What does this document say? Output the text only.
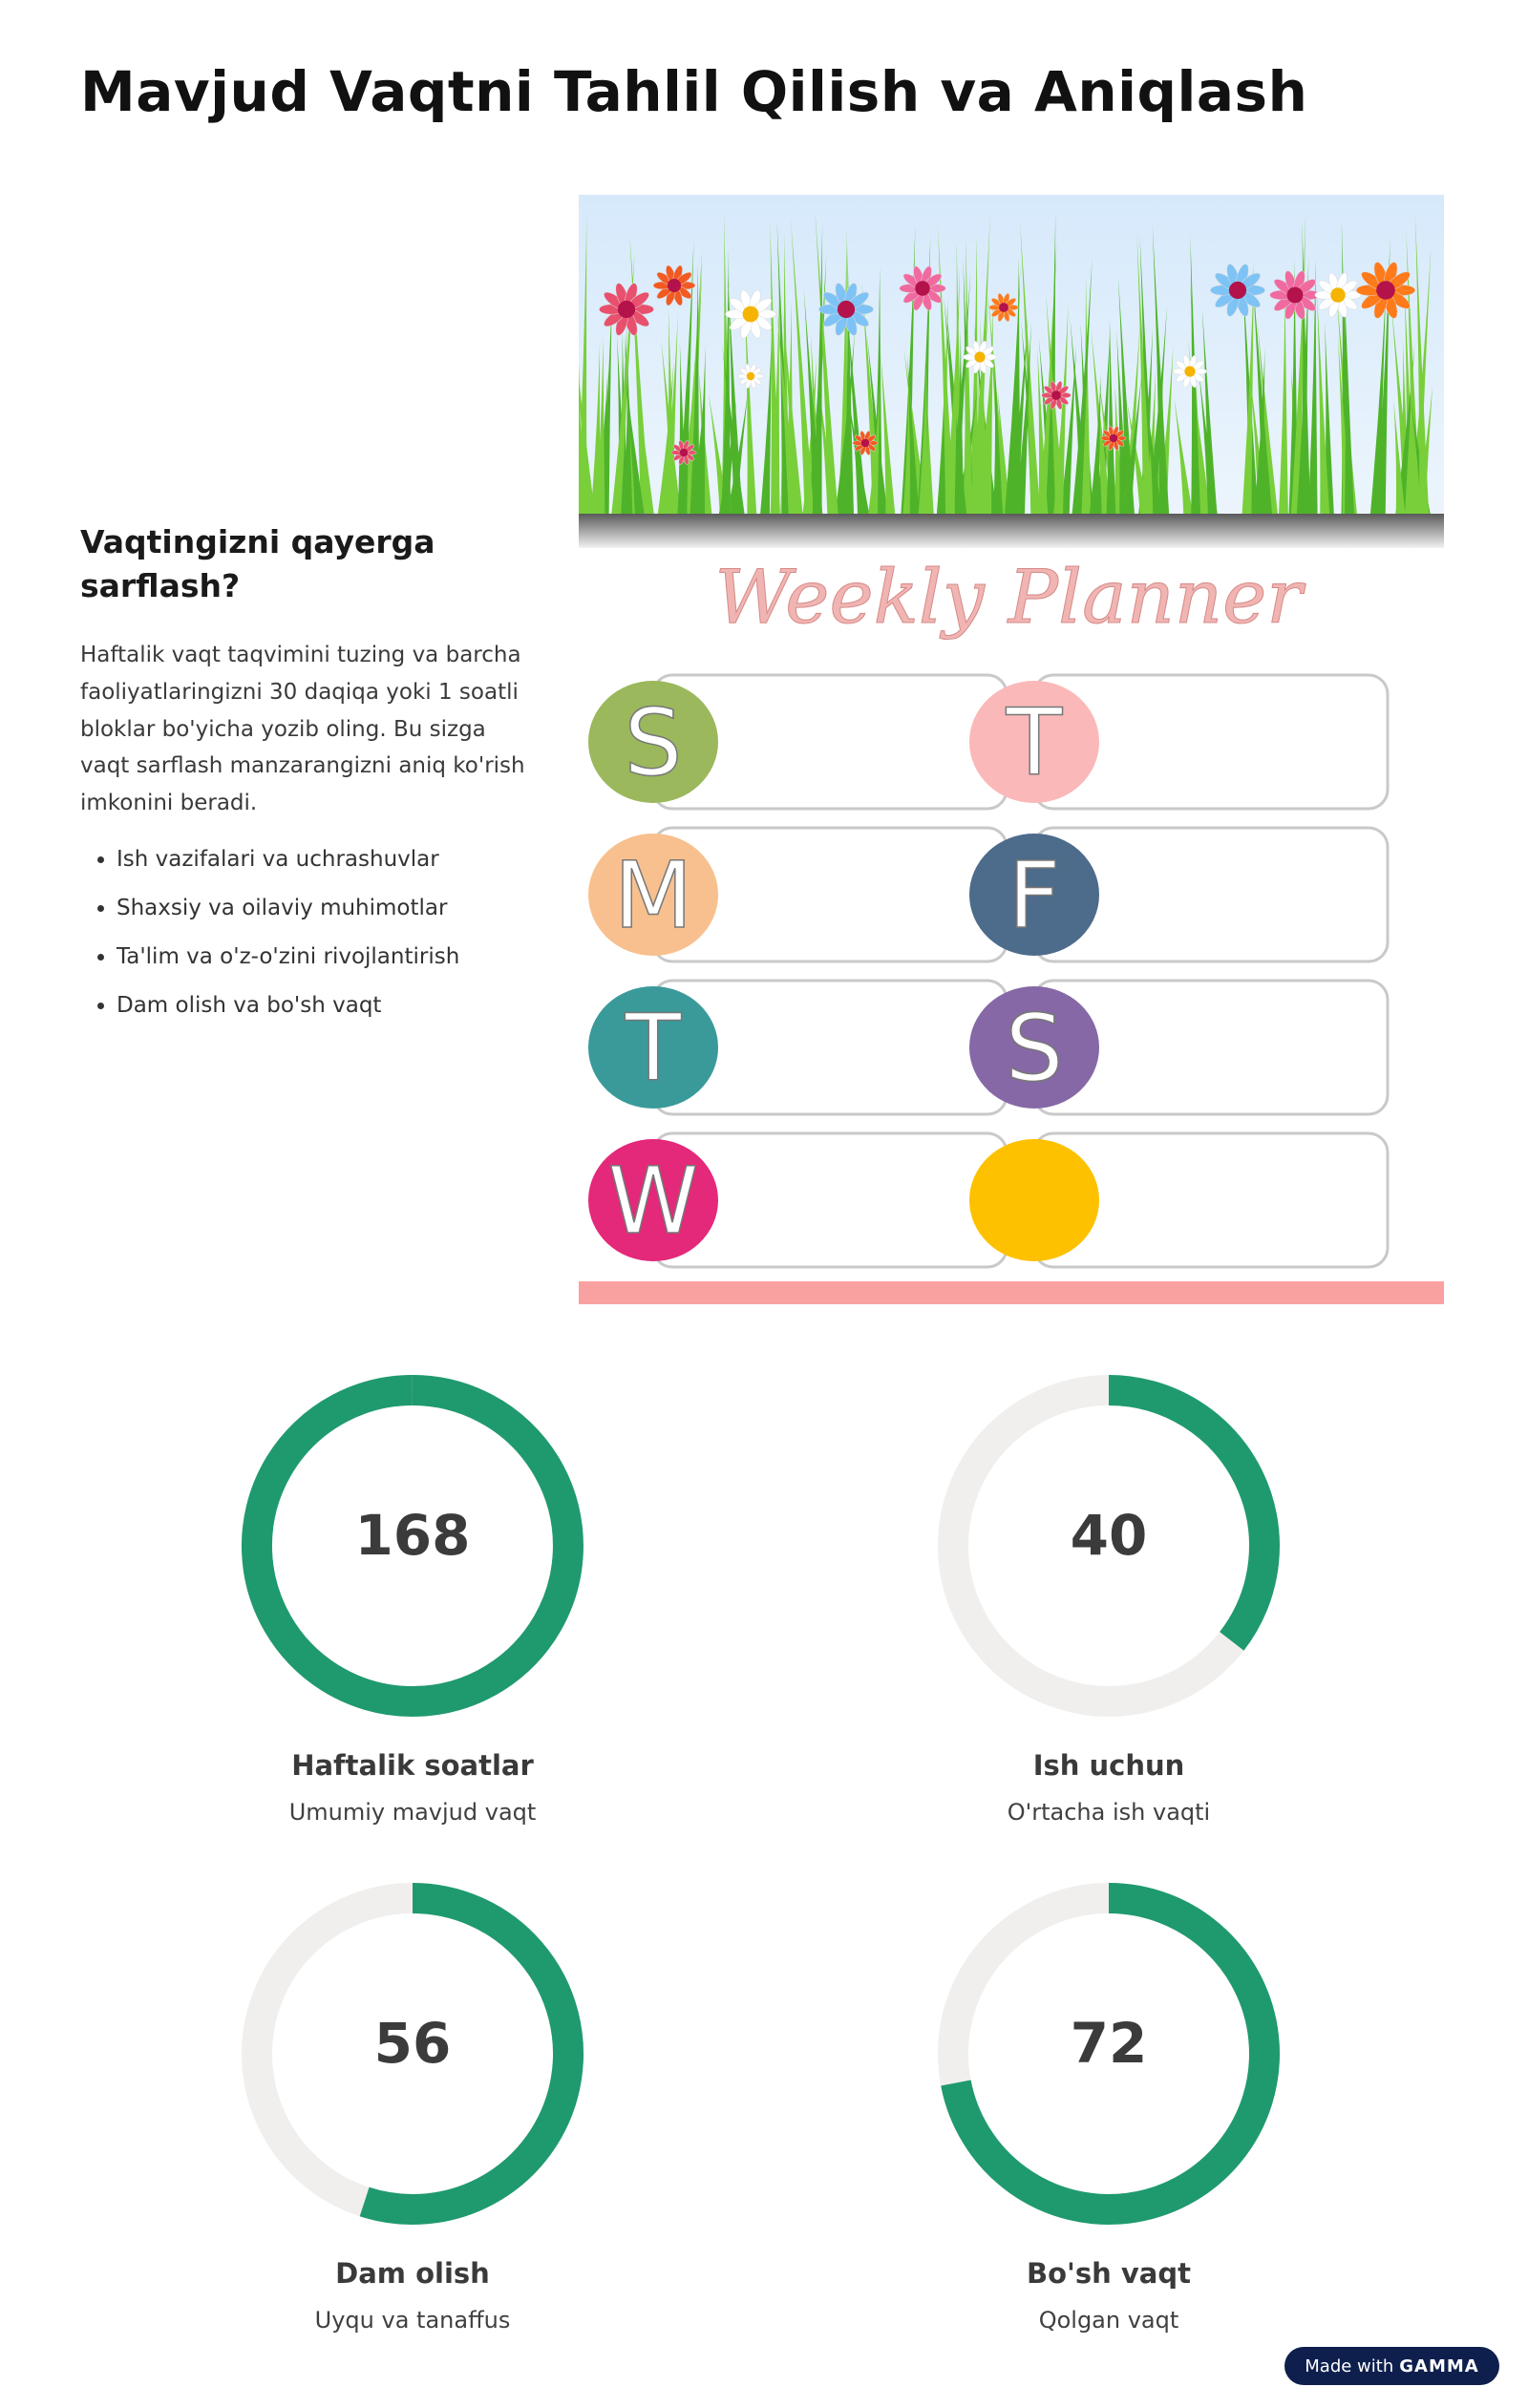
Mavjud Vaqtni Tahlil Qilish va Aniqlash
Vaqtingizni qayerga sarflash?

Haftalik vaqt taqvimini tuzing va barcha faoliyatlaringizni 30 daqiqa yoki 1 soatli bloklar bo'yicha yozib oling. Bu sizga vaqt sarflash manzarangizni aniq ko'rish imkonini beradi.

• Ish vazifalari va uchrashuvlar
• Shaxsiy va oilaviy muhimotlar
• Ta'lim va o'z-o'zini rivojlantirish
• Dam olish va bo'sh vaqt
Weekly Planner
S
M
T
W
T
F
S
168
Haftalik soatlar
Umumiy mavjud vaqt
40
Ish uchun
O'rtacha ish vaqti
56
Dam olish
Uyqu va tanaffus
72
Bo'sh vaqt
Qolgan vaqt
Made with GAMMA
